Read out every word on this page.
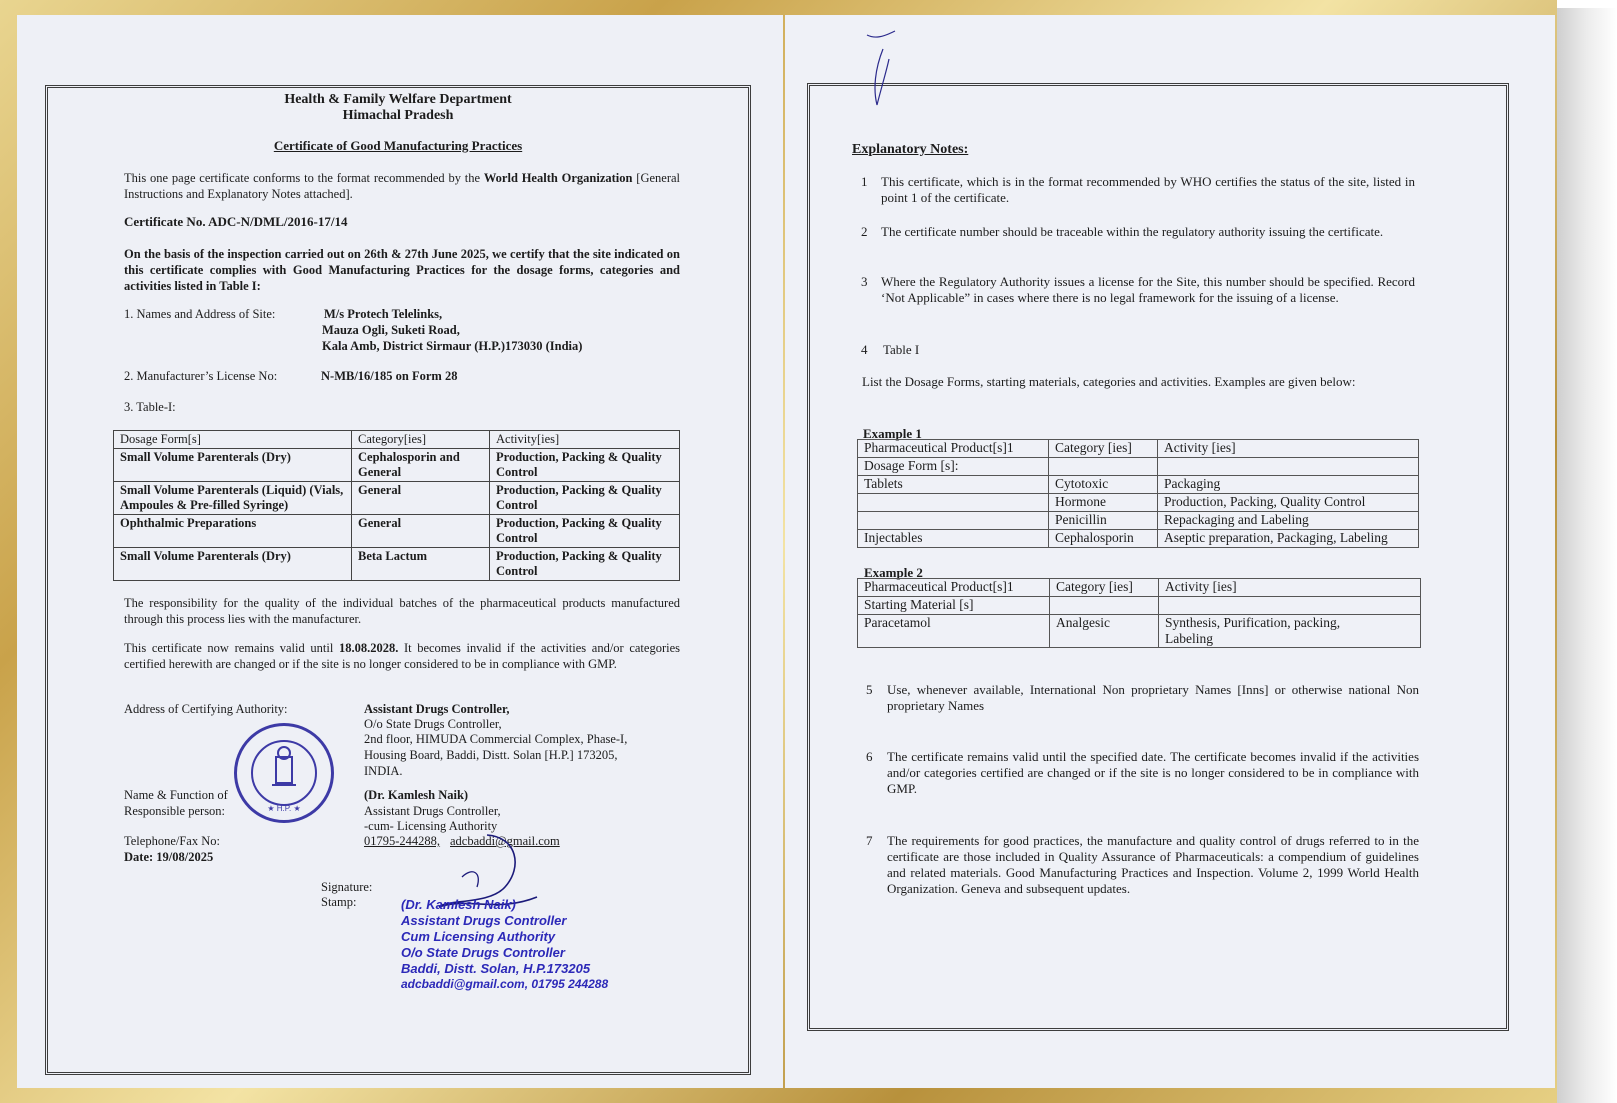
Health & Family Welfare Department
Himachal Pradesh
Certificate of Good Manufacturing Practices
This one page certificate conforms to the format recommended by the World Health Organization [General Instructions and Explanatory Notes attached].
Certificate No. ADC-N/DML/2016-17/14
On the basis of the inspection carried out on 26th & 27th June 2025, we certify that the site indicated on this certificate complies with Good Manufacturing Practices for the dosage forms, categories and activities listed in Table I:
1. Names and Address of Site:	M/s Protech Telelinks,
Mauza Ogli, Suketi Road,
Kala Amb, District Sirmaur (H.P.)173030 (India)
2. Manufacturer’s License No:	N-MB/16/185 on Form 28
3. Table-I:
Dosage Form[s]	Category[ies]	Activity[ies]
Small Volume Parenterals (Dry)	Cephalosporin and General	Production, Packing & Quality Control
Small Volume Parenterals (Liquid) (Vials, Ampoules & Pre-filled Syringe)	General	Production, Packing & Quality Control
Ophthalmic Preparations	General	Production, Packing & Quality Control
Small Volume Parenterals (Dry)	Beta Lactum	Production, Packing & Quality Control
The responsibility for the quality of the individual batches of the pharmaceutical products manufactured through this process lies with the manufacturer.
This certificate now remains valid until 18.08.2028. It becomes invalid if the activities and/or categories certified herewith are changed or if the site is no longer considered to be in compliance with GMP.
Address of Certifying Authority:	Assistant Drugs Controller,
O/o State Drugs Controller,
2nd floor, HIMUDA Commercial Complex, Phase-I,
Housing Board, Baddi, Distt. Solan [H.P.] 173205,
INDIA.
Name & Function of
Responsible person:
(Dr. Kamlesh Naik)
Assistant Drugs Controller,
-cum- Licensing Authority
Telephone/Fax No:	01795-244288, adcbaddi@gmail.com
Date: 19/08/2025
Signature:
Stamp:
★ H.P. ★
(Dr. Kamlesh Naik)
Assistant Drugs Controller
Cum Licensing Authority
O/o State Drugs Controller
Baddi, Distt. Solan, H.P.173205
adcbaddi@gmail.com, 01795 244288
Explanatory Notes:
1 This certificate, which is in the format recommended by WHO certifies the status of the site, listed in point 1 of the certificate.
2 The certificate number should be traceable within the regulatory authority issuing the certificate.
3 Where the Regulatory Authority issues a license for the Site, this number should be specified. Record ‘Not Applicable” in cases where there is no legal framework for the issuing of a license.
4 Table I
List the Dosage Forms, starting materials, categories and activities. Examples are given below:
Example 1
Pharmaceutical Product[s]1	Category [ies]	Activity [ies]
Dosage Form [s]:		
Tablets	Cytotoxic	Packaging
	Hormone	Production, Packing, Quality Control
	Penicillin	Repackaging and Labeling
Injectables	Cephalosporin	Aseptic preparation, Packaging, Labeling
Example 2
Pharmaceutical Product[s]1	Category [ies]	Activity [ies]
Starting Material [s]		
Paracetamol	Analgesic	Synthesis, Purification, packing, Labeling
5 Use, whenever available, International Non proprietary Names [Inns] or otherwise national Non proprietary Names
6 The certificate remains valid until the specified date. The certificate becomes invalid if the activities and/or categories certified are changed or if the site is no longer considered to be in compliance with GMP.
7 The requirements for good practices, the manufacture and quality control of drugs referred to in the certificate are those included in Quality Assurance of Pharmaceuticals: a compendium of guidelines and related materials. Good Manufacturing Practices and Inspection. Volume 2, 1999 World Health Organization. Geneva and subsequent updates.
